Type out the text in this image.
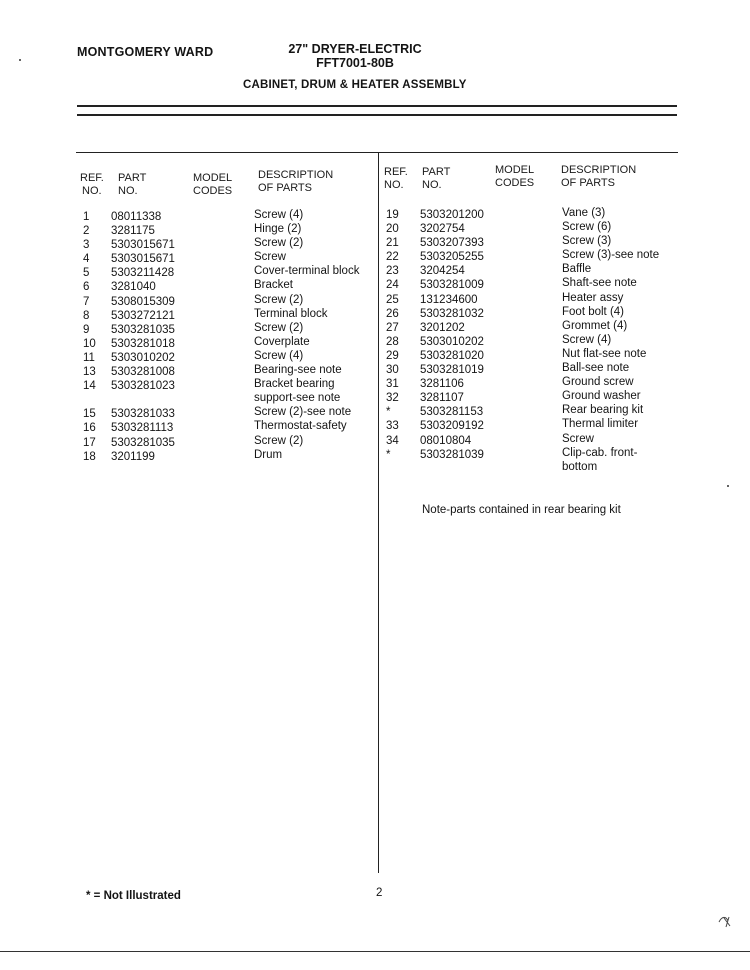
MONTGOMERY WARD	27" DRYER-ELECTRIC
FFT7001-80B
CABINET, DRUM & HEATER ASSEMBLY
REF.
NO.
PART
NO.
MODEL
CODES
DESCRIPTION
OF PARTS
REF.
NO.
PART
NO.
MODEL
CODES
DESCRIPTION
OF PARTS
1
2
3
4
5
6
7
8
9
10
11
13
14
15
16
17
18
08011338
3281175
5303015671
5303015671
5303211428
3281040
5308015309
5303272121
5303281035
5303281018
5303010202
5303281008
5303281023
5303281033
5303281113
5303281035
3201199
Screw (4)
Hinge (2)
Screw (2)
Screw
Cover-terminal block
Bracket
Screw (2)
Terminal block
Screw (2)
Coverplate
Screw (4)
Bearing-see note
Bracket bearing
support-see note
Screw (2)-see note
Thermostat-safety
Screw (2)
Drum
19
20
21
22
23
24
25
26
27
28
29
30
31
32
*
33
34
*
5303201200
3202754
5303207393
5303205255
3204254
5303281009
131234600
5303281032
3201202
5303010202
5303281020
5303281019
3281106
3281107
5303281153
5303209192
08010804
5303281039
Vane (3)
Screw (6)
Screw (3)
Screw (3)-see note
Baffle
Shaft-see note
Heater assy
Foot bolt (4)
Grommet (4)
Screw (4)
Nut flat-see note
Ball-see note
Ground screw
Ground washer
Rear bearing kit
Thermal limiter
Screw
Clip-cab. front-
bottom
Note-parts contained in rear bearing kit
2
* = Not Illustrated
